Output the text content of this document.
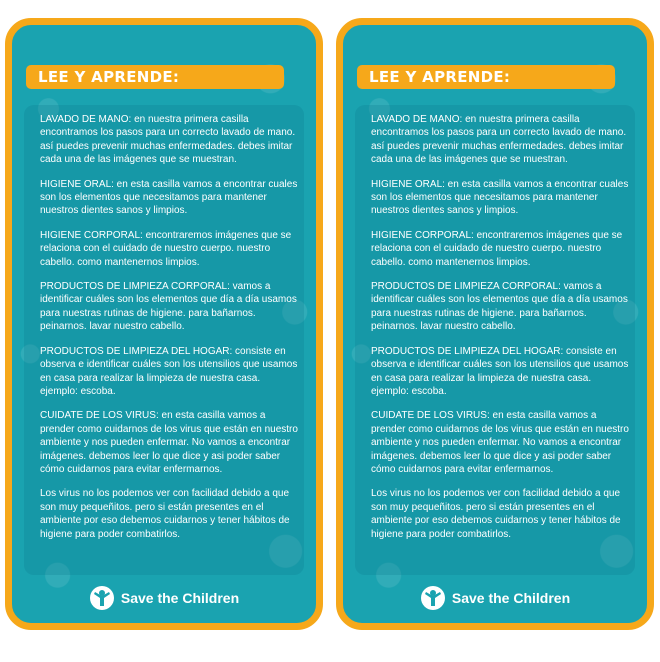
LEE Y APRENDE:

LAVADO DE MANO: en nuestra primera casilla encontramos los pasos para un correcto lavado de mano. así puedes prevenir muchas enfermedades. debes imitar cada una de las imágenes que se muestran.

HIGIENE ORAL: en esta casilla vamos a encontrar cuales son los elementos que necesitamos para mantener nuestros dientes sanos y limpios.

HIGIENE CORPORAL: encontraremos imágenes que se relaciona con el cuidado de nuestro cuerpo. nuestro cabello. como mantenernos limpios.

PRODUCTOS DE LIMPIEZA CORPORAL: vamos a identificar cuáles son los elementos que día a día usamos para nuestras rutinas de higiene. para bañarnos. peinarnos. lavar nuestro cabello.

PRODUCTOS DE LIMPIEZA DEL HOGAR: consiste en observa e identificar cuáles son los utensilios que usamos en casa para realizar la limpieza de nuestra casa. ejemplo: escoba.

CUIDATE DE LOS VIRUS: en esta casilla vamos a prender como cuidarnos de los virus que están en nuestro ambiente y nos pueden enfermar. No vamos a encontrar imágenes. debemos leer lo que dice y asi poder saber cómo cuidarnos para evitar enfermarnos.

Los virus no los podemos ver con facilidad debido a que son muy pequeñitos. pero si están presentes en el ambiente por eso debemos cuidarnos y tener hábitos de higiene para poder combatirlos.

Save the Children
LEE Y APRENDE:

LAVADO DE MANO: en nuestra primera casilla encontramos los pasos para un correcto lavado de mano. así puedes prevenir muchas enfermedades. debes imitar cada una de las imágenes que se muestran.

HIGIENE ORAL: en esta casilla vamos a encontrar cuales son los elementos que necesitamos para mantener nuestros dientes sanos y limpios.

HIGIENE CORPORAL: encontraremos imágenes que se relaciona con el cuidado de nuestro cuerpo. nuestro cabello. como mantenernos limpios.

PRODUCTOS DE LIMPIEZA CORPORAL: vamos a identificar cuáles son los elementos que día a día usamos para nuestras rutinas de higiene. para bañarnos. peinarnos. lavar nuestro cabello.

PRODUCTOS DE LIMPIEZA DEL HOGAR: consiste en observa e identificar cuáles son los utensilios que usamos en casa para realizar la limpieza de nuestra casa. ejemplo: escoba.

CUIDATE DE LOS VIRUS: en esta casilla vamos a prender como cuidarnos de los virus que están en nuestro ambiente y nos pueden enfermar. No vamos a encontrar imágenes. debemos leer lo que dice y asi poder saber cómo cuidarnos para evitar enfermarnos.

Los virus no los podemos ver con facilidad debido a que son muy pequeñitos. pero si están presentes en el ambiente por eso debemos cuidarnos y tener hábitos de higiene para poder combatirlos.

Save the Children
